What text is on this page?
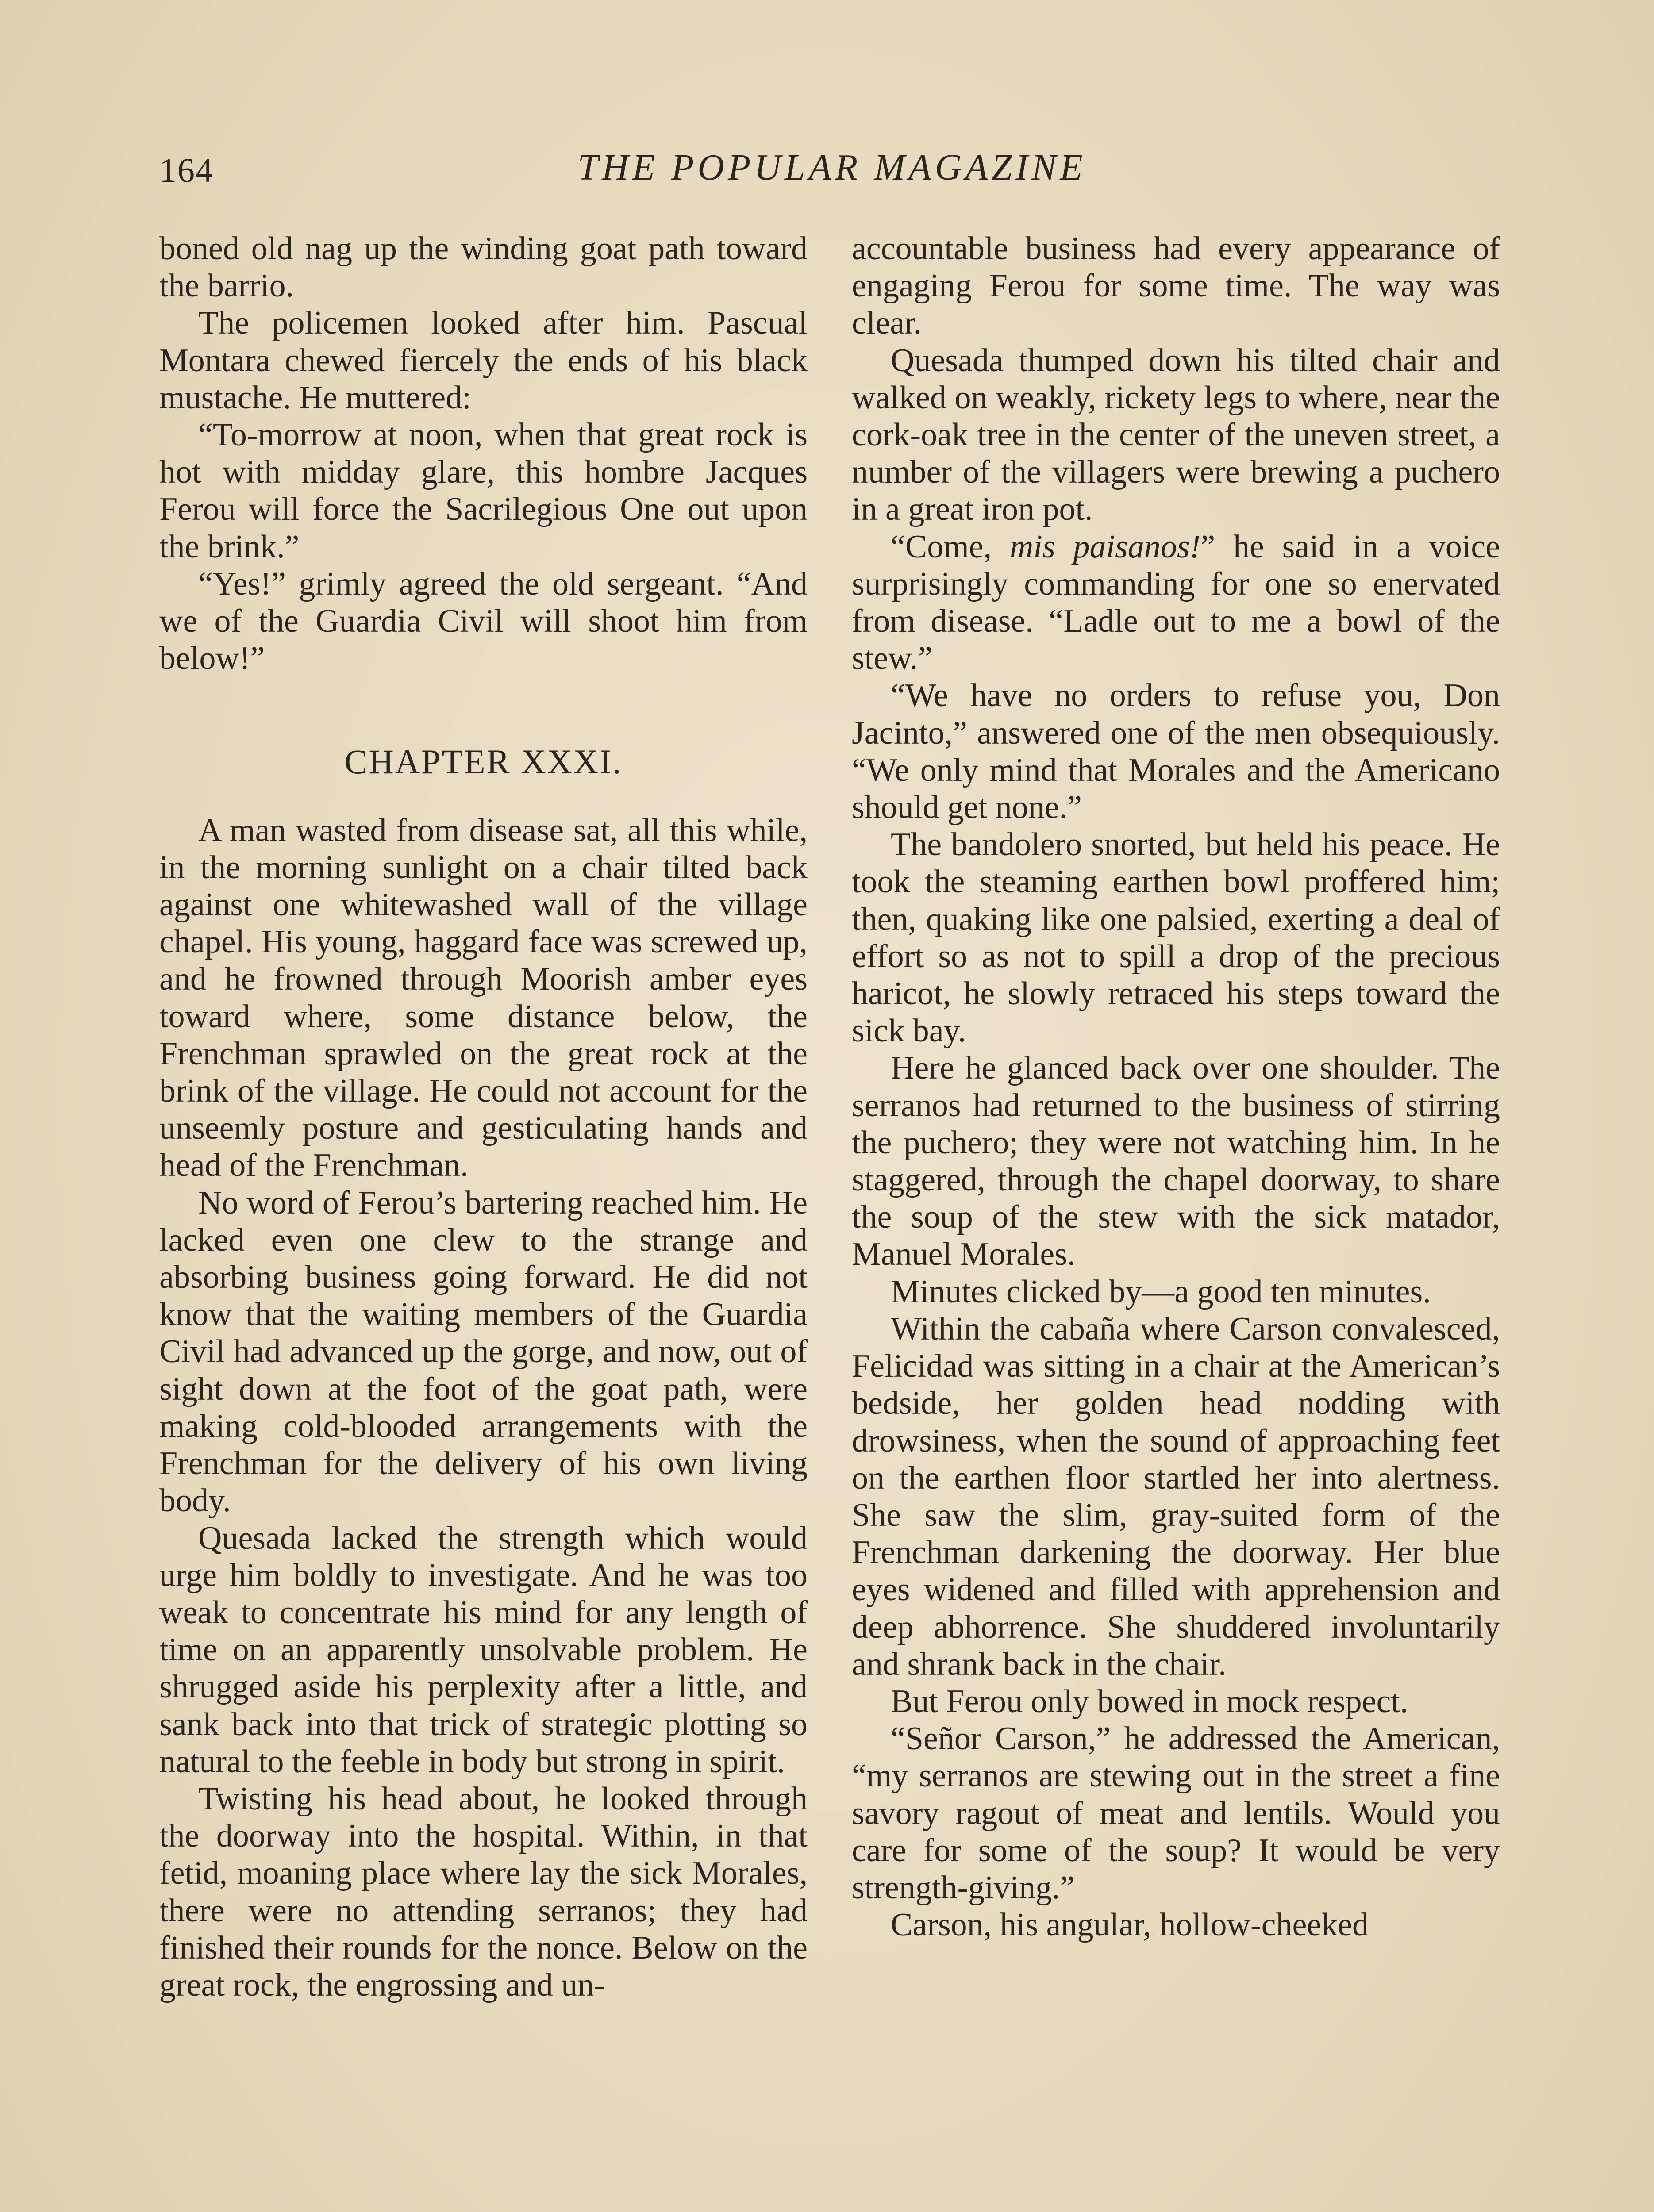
164	THE POPULAR MAGAZINE

boned old nag up the winding goat path toward the barrio.

The policemen looked after him. Pascual Montara chewed fiercely the ends of his black mustache. He muttered:

“To-morrow at noon, when that great rock is hot with midday glare, this hombre Jacques Ferou will force the Sacrilegious One out upon the brink.”

“Yes!” grimly agreed the old sergeant. “And we of the Guardia Civil will shoot him from below!”

CHAPTER XXXI.

A man wasted from disease sat, all this while, in the morning sunlight on a chair tilted back against one whitewashed wall of the village chapel. His young, haggard face was screwed up, and he frowned through Moorish amber eyes toward where, some distance below, the Frenchman sprawled on the great rock at the brink of the village. He could not account for the unseemly posture and gesticulating hands and head of the Frenchman.

No word of Ferou’s bartering reached him. He lacked even one clew to the strange and absorbing business going forward. He did not know that the waiting members of the Guardia Civil had advanced up the gorge, and now, out of sight down at the foot of the goat path, were making cold-blooded arrangements with the Frenchman for the delivery of his own living body.

Quesada lacked the strength which would urge him boldly to investigate. And he was too weak to concentrate his mind for any length of time on an apparently unsolvable problem. He shrugged aside his perplexity after a little, and sank back into that trick of strategic plotting so natural to the feeble in body but strong in spirit.

Twisting his head about, he looked through the doorway into the hospital. Within, in that fetid, moaning place where lay the sick Morales, there were no attending serranos; they had finished their rounds for the nonce. Below on the great rock, the engrossing and un-

accountable business had every appearance of engaging Ferou for some time. The way was clear.

Quesada thumped down his tilted chair and walked on weakly, rickety legs to where, near the cork-oak tree in the center of the uneven street, a number of the villagers were brewing a puchero in a great iron pot.

“Come, mis paisanos!” he said in a voice surprisingly commanding for one so enervated from disease. “Ladle out to me a bowl of the stew.”

“We have no orders to refuse you, Don Jacinto,” answered one of the men obsequiously. “We only mind that Morales and the Americano should get none.”

The bandolero snorted, but held his peace. He took the steaming earthen bowl proffered him; then, quaking like one palsied, exerting a deal of effort so as not to spill a drop of the precious haricot, he slowly retraced his steps toward the sick bay.

Here he glanced back over one shoulder. The serranos had returned to the business of stirring the puchero; they were not watching him. In he staggered, through the chapel doorway, to share the soup of the stew with the sick matador, Manuel Morales.

Minutes clicked by—a good ten minutes.

Within the cabaña where Carson convalesced, Felicidad was sitting in a chair at the American’s bedside, her golden head nodding with drowsiness, when the sound of approaching feet on the earthen floor startled her into alertness. She saw the slim, gray-suited form of the Frenchman darkening the doorway. Her blue eyes widened and filled with apprehension and deep abhorrence. She shuddered involuntarily and shrank back in the chair.

But Ferou only bowed in mock respect.

“Señor Carson,” he addressed the American, “my serranos are stewing out in the street a fine savory ragout of meat and lentils. Would you care for some of the soup? It would be very strength-giving.”

Carson, his angular, hollow-cheeked
